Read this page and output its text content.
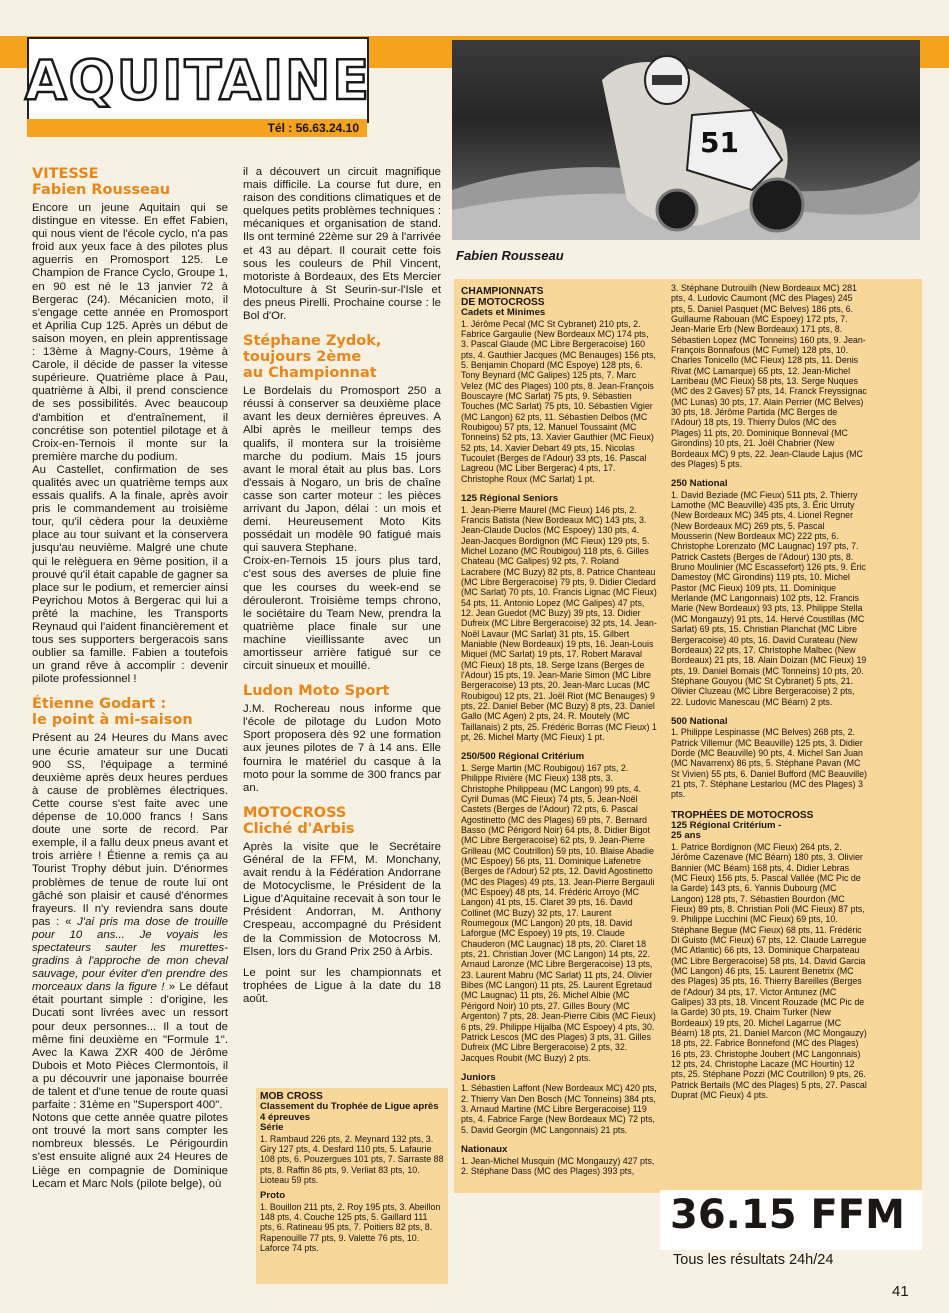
AQUITAINE
Tél : 56.63.24.10	51
Fabien Rousseau

VITESSE

Fabien Rousseau

Encore un jeune Aquitain qui se distingue en vitesse. En effet Fabien, qui nous vient de l'école cyclo, n'a pas froid aux yeux face à des pilotes plus aguerris en Promosport 125. Le Champion de France Cyclo, Groupe 1, en 90 est né le 13 janvier 72 à Bergerac (24). Mécanicien moto, il s'engage cette année en Promosport et Aprilia Cup 125. Après un début de saison moyen, en plein apprentissage : 13ème à Magny-Cours, 19ème à Carole, il décide de passer la vitesse supérieure. Quatrième place à Pau, quatrième à Albi, il prend conscience de ses possibilités. Avec beaucoup d'ambition et d'entraînement, il concrétise son potentiel pilotage et à Croix-en-Ternois il monte sur la première marche du podium.

Au Castellet, confirmation de ses qualités avec un quatrième temps aux essais qualifs. A la finale, après avoir pris le commandement au troisième tour, qu'il cèdera pour la deuxième place au tour suivant et la conservera jusqu'au neuvième. Malgré une chute qui le relèguera en 9ème position, il a prouvé qu'il était capable de gagner sa place sur le podium, et remercier ainsi Peyrichou Motos à Bergerac qui lui a prêté la machine, les Transports Reynaud qui l'aident financièrement et tous ses supporters bergeracois sans oublier sa famille. Fabien a toutefois un grand rêve à accomplir : devenir pilote professionnel !

Étienne Godart :

le point à mi-saison

Présent au 24 Heures du Mans avec une écurie amateur sur une Ducati 900 SS, l'équipage a terminé deuxième après deux heures perdues à cause de problèmes électriques. Cette course s'est faite avec une dépense de 10.000 francs ! Sans doute une sorte de record. Par exemple, il a fallu deux pneus avant et trois arrière ! Étienne a remis ça au Tourist Trophy début juin. D'énormes problèmes de tenue de route lui ont gâché son plaisir et causé d'énormes frayeurs. Il n'y reviendra sans doute pas : « J'ai pris ma dose de trouille pour 10 ans... Je voyais les spectateurs sauter les murettes-gradins à l'approche de mon cheval sauvage, pour éviter d'en prendre des morceaux dans la figure ! » Le défaut était pourtant simple : d'origine, les Ducati sont livrées avec un ressort pour deux personnes... Il a tout de même fini deuxième en "Formule 1". Avec la Kawa ZXR 400 de Jérôme Dubois et Moto Pièces Clermontois, il a pu découvrir une japonaise bourrée de talent et d'une tenue de route quasi parfaite : 31ème en "Supersport 400".

Notons que cette année quatre pilotes ont trouvé la mort sans compter les nombreux blessés. Le Périgourdin s'est ensuite aligné aux 24 Heures de Liège en compagnie de Dominique Lecam et Marc Nols (pilote belge), où

il a découvert un circuit magnifique mais difficile. La course fut dure, en raison des conditions climatiques et de quelques petits problèmes techniques : mécaniques et organisation de stand. Ils ont terminé 22ème sur 29 à l'arrivée et 43 au départ. Il courait cette fois sous les couleurs de Phil Vincent, motoriste à Bordeaux, des Ets Mercier Motoculture à St Seurin-sur-l'Isle et des pneus Pirelli. Prochaine course : le Bol d'Or.

Stéphane Zydok,

toujours 2ème

au Championnat

Le Bordelais du Promosport 250 a réussi à conserver sa deuxième place avant les deux dernières épreuves. A Albi après le meilleur temps des qualifs, il montera sur la troisième marche du podium. Mais 15 jours avant le moral était au plus bas. Lors d'essais à Nogaro, un bris de chaîne casse son carter moteur : les pièces arrivant du Japon, délai : un mois et demi. Heureusement Moto Kits possédait un modèle 90 fatigué mais qui sauvera Stephane.

Croix-en-Ternois 15 jours plus tard, c'est sous des averses de pluie fine que les courses du week-end se dérouleront. Troisième temps chrono, le sociétaire du Team New, prendra la quatrième place finale sur une machine vieillissante avec un amortisseur arrière fatigué sur ce circuit sinueux et mouillé.

Ludon Moto Sport

J.M. Rochereau nous informe que l'école de pilotage du Ludon Moto Sport proposera dès 92 une formation aux jeunes pilotes de 7 à 14 ans. Elle fournira le matériel du casque à la moto pour la somme de 300 francs par an.

MOTOCROSS

Cliché d'Arbis

Après la visite que le Secrétaire Général de la FFM, M. Monchany, avait rendu à la Fédération Andorrane de Motocyclisme, le Président de la Ligue d'Aquitaine recevait à son tour le Président Andorran, M. Anthony Crespeau, accompagné du Président de la Commission de Motocross M. Elsen, lors du Grand Prix 250 à Arbis.

Le point sur les championnats et trophées de Ligue à la date du 18 août.

MOB CROSS

Classement du Trophée de Ligue après 4 épreuves

Série

1. Rambaud 226 pts, 2. Meynard 132 pts, 3. Giry 127 pts, 4. Desfard 110 pts, 5. Lafaurie 108 pts, 6. Pouzergues 101 pts, 7. Sarraste 88 pts, 8. Raffin 86 pts, 9. Verliat 83 pts, 10. Lioteau 59 pts.

Proto

1. Bouillon 211 pts, 2. Roy 195 pts, 3. Abeillon 148 pts, 4. Couche 125 pts, 5. Gaillard 111 pts, 6. Ratineau 95 pts, 7. Poitiers 82 pts, 8. Rapenouille 77 pts, 9. Valette 76 pts, 10. Laforce 74 pts.

CHAMPIONNATS

DE MOTOCROSS

Cadets et Minimes

1. Jérôme Pecal (MC St Cybranet) 210 pts, 2. Fabrice Gargaulie (New Bordeaux MC) 174 pts, 3. Pascal Glaude (MC Libre Bergeracoise) 160 pts, 4. Gauthier Jacques (MC Benauges) 156 pts, 5. Benjamin Chopard (MC Espoye) 128 pts, 6. Tony Beynard (MC Galipes) 125 pts, 7. Marc Velez (MC des Plages) 100 pts, 8. Jean-François Bouscayre (MC Sarlat) 75 pts, 9. Sébastien Touches (MC Sarlat) 75 pts, 10. Sébastien Vigier (MC Langon) 62 pts, 11. Sébastien Delbos (MC Roubigou) 57 pts, 12. Manuel Toussaint (MC Tonneins) 52 pts, 13. Xavier Gauthier (MC Fieux) 52 pts, 14. Xavier Debart 49 pts, 15. Nicolas Tucoulet (Berges de l'Adour) 33 pts, 16. Pascal Lagreou (MC Liber Bergerac) 4 pts, 17. Christophe Roux (MC Sarlat) 1 pt.

125 Régional Seniors

1. Jean-Pierre Maurel (MC Fieux) 146 pts, 2. Francis Batista (New Bordeaux MC) 143 pts, 3. Jean-Claude Duclos (MC Espoey) 130 pts, 4. Jean-Jacques Bordignon (MC Fieux) 129 pts, 5. Michel Lozano (MC Roubigou) 118 pts, 6. Gilles Chateau (MC Galipes) 92 pts, 7. Roland Lacrabere (MC Buzy) 82 pts, 8. Patrice Chanteau (MC Libre Bergeracoise) 79 pts, 9. Didier Cledard (MC Sarlat) 70 pts, 10. Francis Lignac (MC Fieux) 54 pts, 11. Antonio Lopez (MC Galipes) 47 pts, 12. Jean Guedot (MC Buzy) 39 pts, 13. Didier Dufreix (MC Libre Bergeracoise) 32 pts, 14. Jean-Noël Lavaur (MC Sarlat) 31 pts, 15. Gilbert Maniable (New Bordeaux) 19 pts, 16. Jean-Louis Miquel (MC Sarlat) 19 pts, 17. Robert Maraval (MC Fieux) 18 pts, 18. Serge Izans (Berges de l'Adour) 15 pts, 19. Jean-Marie Simon (MC Libre Bergeracoise) 13 pts, 20. Jean-Marc Lucas (MC Roubigou) 12 pts, 21. Joël Riot (MC Benauges) 9 pts, 22. Daniel Beber (MC Buzy) 8 pts, 23. Daniel Gallo (MC Agen) 2 pts, 24. R. Moutely (MC Taillanais) 2 pts, 25. Frédéric Borras (MC Fieux) 1 pt, 26. Michel Marty (MC Fieux) 1 pt.

250/500 Régional Critérium

1. Serge Martin (MC Roubigou) 167 pts, 2. Philippe Rivière (MC Fieux) 138 pts, 3. Christophe Philippeau (MC Langon) 99 pts, 4. Cyril Dumas (MC Fieux) 74 pts, 5. Jean-Noël Castets (Berges de l'Adour) 72 pts, 6. Pascal Agostinetto (MC des Plages) 69 pts, 7. Bernard Basso (MC Périgord Noir) 64 pts, 8. Didier Bigot (MC Libre Bergeracoise) 62 pts, 9. Jean-Pierre Grilleau (MC Coutrillon) 59 pts, 10. Blaise Abadie (MC Espoey) 56 pts, 11. Dominique Lafenetre (Berges de l'Adour) 52 pts, 12. David Agostinetto (MC des Plages) 49 pts, 13. Jean-Pierre Bergauli (MC Espoey) 48 pts, 14. Frédéric Arroyo (MC Langon) 41 pts, 15. Claret 39 pts, 16. David Collinet (MC Buzy) 32 pts, 17. Laurent Roumegoux (MC Langon) 20 pts, 18. David Laforgue (MC Espoey) 19 pts, 19. Claude Chauderon (MC Laugnac) 18 pts, 20. Claret 18 pts, 21. Christian Jover (MC Langon) 14 pts, 22. Arnaud Laronze (MC Libre Bergeracoise) 13 pts, 23. Laurent Mabru (MC Sarlat) 11 pts, 24. Olivier Bibes (MC Langon) 11 pts, 25. Laurent Egretaud (MC Laugnac) 11 pts, 26. Michel Albie (MC Périgord Noir) 10 pts, 27. Gilles Boury (MC Argenton) 7 pts, 28. Jean-Pierre Cibis (MC Fieux) 6 pts, 29. Philippe Hijalba (MC Espoey) 4 pts, 30. Patrick Lescos (MC des Plages) 3 pts, 31. Gilles Dufreix (MC Libre Bergeracoise) 2 pts, 32. Jacques Roubit (MC Buzy) 2 pts.

Juniors

1. Sébastien Laffont (New Bordeaux MC) 420 pts, 2. Thierry Van Den Bosch (MC Tonneins) 384 pts, 3. Arnaud Martine (MC Libre Bergeracoise) 119 pts, 4. Fabrice Farge (New Bordeaux MC) 72 pts, 5. David Georgin (MC Langonnais) 21 pts.

Nationaux

1. Jean-Michel Musquin (MC Mongauzy) 427 pts, 2. Stéphane Dass (MC des Plages) 393 pts,

3. Stéphane Dutrouilh (New Bordeaux MC) 281 pts, 4. Ludovic Caumont (MC des Plages) 245 pts, 5. Daniel Pasquet (MC Belves) 186 pts, 6. Guillaume Rabouan (MC Espoey) 172 pts, 7. Jean-Marie Erb (New Bordeaux) 171 pts, 8. Sébastien Lopez (MC Tonneins) 160 pts, 9. Jean-François Bonnafous (MC Fumel) 128 pts, 10. Charles Tonicello (MC Fieux) 128 pts, 11. Denis Rivat (MC Lamarque) 65 pts, 12. Jean-Michel Larribeau (MC Fieux) 58 pts, 13. Serge Nuques (MC des 2 Gaves) 57 pts, 14. Franck Freyssignac (MC Lunas) 30 pts, 17. Alain Perrier (MC Belves) 30 pts, 18. Jérôme Partida (MC Berges de l'Adour) 18 pts, 19. Thierry Dulos (MC des Plages) 11 pts, 20. Dominique Bonneval (MC Girondins) 10 pts, 21. Joël Chabrier (New Bordeaux MC) 9 pts, 22. Jean-Claude Lajus (MC des Plages) 5 pts.

250 National

1. David Beziade (MC Fieux) 511 pts, 2. Thierry Lamothe (MC Beauville) 435 pts, 3. Éric Urruty (New Bordeaux MC) 345 pts, 4. Lionel Regner (New Bordeaux MC) 269 pts, 5. Pascal Mousserin (New Bordeaux MC) 222 pts, 6. Christophe Lorenzato (MC Laugnac) 197 pts, 7. Patrick Castets (Berges de l'Adour) 130 pts, 8. Bruno Moulinier (MC Escassefort) 126 pts, 9. Éric Damestoy (MC Girondins) 119 pts, 10. Michel Pastor (MC Fieux) 109 pts, 11. Dominique Merlande (MC Langonnais) 102 pts, 12. Francis Marie (New Bordeaux) 93 pts, 13. Philippe Stella (MC Mongauzy) 91 pts, 14. Hervé Coustillas (MC Sarlat) 69 pts, 15. Christian Planchat (MC Libre Bergeracoise) 40 pts, 16. David Curateau (New Bordeaux) 22 pts, 17. Christophe Malbec (New Bordeaux) 21 pts, 18. Alain Doizan (MC Fieux) 19 pts, 19. Daniel Bomais (MC Tonneins) 10 pts, 20. Stéphane Gouyou (MC St Cybranet) 5 pts, 21. Olivier Cluzeau (MC Libre Bergeracoise) 2 pts, 22. Ludovic Manescau (MC Béarn) 2 pts.

500 National

1. Philippe Lespinasse (MC Belves) 268 pts, 2. Patrick Villemur (MC Beauville) 125 pts, 3. Didier Dorde (MC Beauville) 90 pts, 4. Michel San Juan (MC Navarrenx) 86 pts, 5. Stéphane Pavan (MC St Vivien) 55 pts, 6. Daniel Bufford (MC Beauville) 21 pts, 7. Stéphane Lestarlou (MC des Plages) 3 pts.

TROPHÉES DE MOTOCROSS

125 Régional Critérium -

25 ans

1. Patrice Bordignon (MC Fieux) 264 pts, 2. Jérôme Cazenave (MC Béarn) 180 pts, 3. Olivier Bannier (MC Béarn) 168 pts, 4. Didier Lebras (MC Fieux) 156 pts, 5. Pascal Vallée (MC Pic de la Garde) 143 pts, 6. Yannis Dubourg (MC Langon) 128 pts, 7. Sébastien Bourdon (MC Fieux) 89 pts, 8. Christian Poli (MC Fieux) 87 pts, 9. Philippe Lucchini (MC Fieux) 69 pts, 10. Stéphane Begue (MC Fieux) 68 pts, 11. Frédéric Di Guisto (MC Fieux) 67 pts, 12. Claude Larregue (MC Atlantic) 66 pts, 13. Dominique Charpateau (MC Libre Bergeracoise) 58 pts, 14. David Garcia (MC Langon) 46 pts, 15. Laurent Benetrix (MC des Plages) 35 pts, 16. Thierry Bareilles (Berges de l'Adour) 34 pts, 17. Victor Antunez (MC Galipes) 33 pts, 18. Vincent Rouzade (MC Pic de la Garde) 30 pts, 19. Chaim Turker (New Bordeaux) 19 pts, 20. Michel Lagarrue (MC Béarn) 18 pts, 21. Daniel Marcon (MC Mongauzy) 18 pts, 22. Fabrice Bonnefond (MC des Plages) 16 pts, 23. Christophe Joubert (MC Langonnais) 12 pts, 24. Christophe Lacaze (MC Hourtin) 12 pts, 25. Stéphane Pozzi (MC Coutrillon) 9 pts, 26. Patrick Bertails (MC des Plages) 5 pts, 27. Pascal Duprat (MC Fieux) 4 pts.

36.15 FFM
Tous les résultats 24h/24
41
